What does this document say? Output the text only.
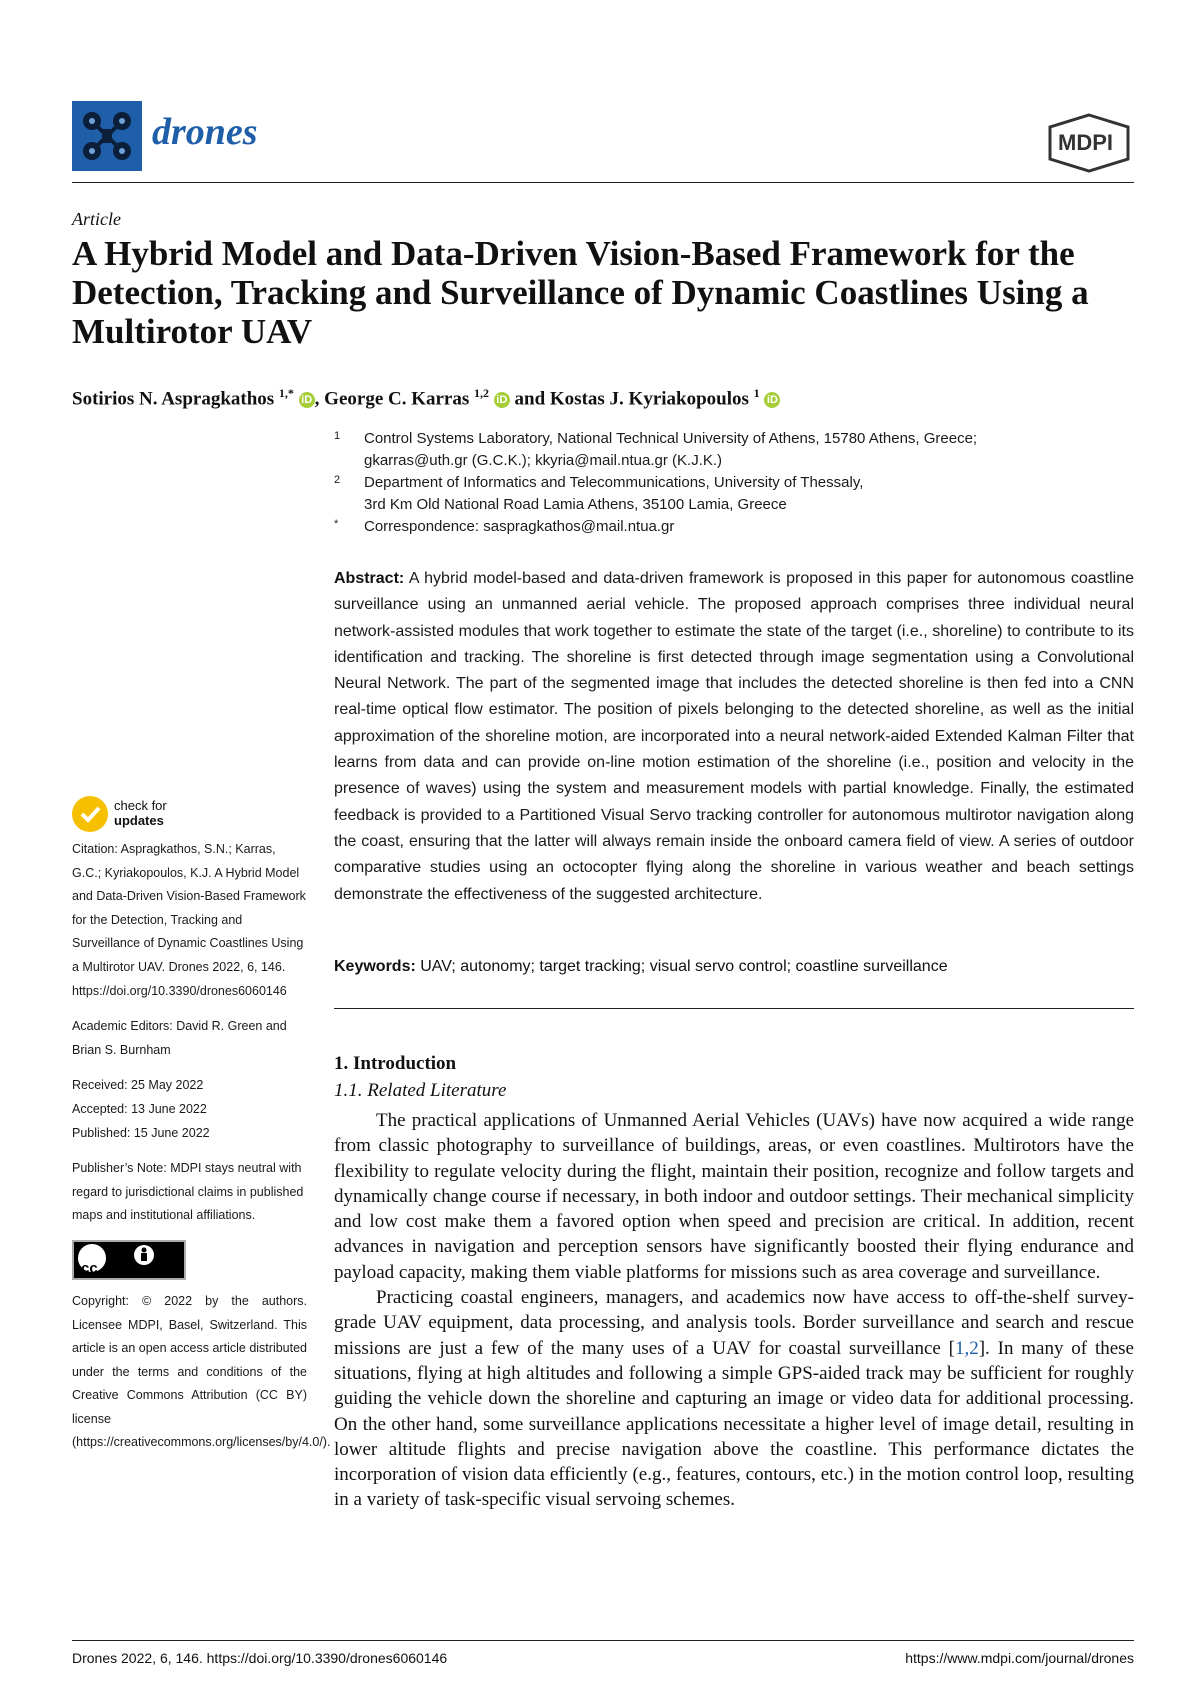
drones	MDPI
Article
A Hybrid Model and Data-Driven Vision-Based Framework for the Detection, Tracking and Surveillance of Dynamic Coastlines Using a Multirotor UAV
Sotirios N. Aspragkathos $^{1,*}$ iD , George C. Karras $^{1,2}$ iD and Kostas J. Kyriakopoulos $^1$ iD
1 Control Systems Laboratory, National Technical University of Athens, 15780 Athens, Greece;
gkarras@uth.gr (G.C.K.); kkyria@mail.ntua.gr (K.J.K.)
2 Department of Informatics and Telecommunications, University of Thessaly,
3rd Km Old National Road Lamia Athens, 35100 Lamia, Greece
* Correspondence: saspragkathos@mail.ntua.gr
Abstract: A hybrid model-based and data-driven framework is proposed in this paper for autonomous coastline surveillance using an unmanned aerial vehicle. The proposed approach comprises three individual neural network-assisted modules that work together to estimate the state of the target (i.e., shoreline) to contribute to its identification and tracking. The shoreline is first detected through image segmentation using a Convolutional Neural Network. The part of the segmented image that includes the detected shoreline is then fed into a CNN real-time optical flow estimator. The position of pixels belonging to the detected shoreline, as well as the initial approximation of the shoreline motion, are incorporated into a neural network-aided Extended Kalman Filter that learns from data and can provide on-line motion estimation of the shoreline (i.e., position and velocity in the presence of waves) using the system and measurement models with partial knowledge. Finally, the estimated feedback is provided to a Partitioned Visual Servo tracking controller for autonomous multirotor navigation along the coast, ensuring that the latter will always remain inside the onboard camera field of view. A series of outdoor comparative studies using an octocopter flying along the shoreline in various weather and beach settings demonstrate the effectiveness of the suggested architecture.
Keywords: UAV; autonomy; target tracking; visual servo control; coastline surveillance
check for
updates
Citation: Aspragkathos, S.N.; Karras, G.C.; Kyriakopoulos, K.J. A Hybrid Model and Data-Driven Vision-Based Framework for the Detection, Tracking and Surveillance of Dynamic Coastlines Using a Multirotor UAV. Drones 2022, 6, 146. https://doi.org/10.3390/drones6060146
Academic Editors: David R. Green and Brian S. Burnham
Received: 25 May 2022
Accepted: 13 June 2022
Published: 15 June 2022
Publisher’s Note: MDPI stays neutral with regard to jurisdictional claims in published maps and institutional affiliations.
cc
BY
Copyright: © 2022 by the authors. Licensee MDPI, Basel, Switzerland. This article is an open access article distributed under the terms and conditions of the Creative Commons Attribution (CC BY) license (https://creativecommons.org/licenses/by/4.0/).
1. Introduction
1.1. Related Literature

The practical applications of Unmanned Aerial Vehicles (UAVs) have now acquired a wide range from classic photography to surveillance of buildings, areas, or even coastlines. Multirotors have the flexibility to regulate velocity during the flight, maintain their position, recognize and follow targets and dynamically change course if necessary, in both indoor and outdoor settings. Their mechanical simplicity and low cost make them a favored option when speed and precision are critical. In addition, recent advances in navigation and perception sensors have significantly boosted their flying endurance and payload capacity, making them viable platforms for missions such as area coverage and surveillance.

Practicing coastal engineers, managers, and academics now have access to off-the-shelf survey-grade UAV equipment, data processing, and analysis tools. Border surveillance and search and rescue missions are just a few of the many uses of a UAV for coastal surveillance [1,2]. In many of these situations, flying at high altitudes and following a simple GPS-aided track may be sufficient for roughly guiding the vehicle down the shoreline and capturing an image or video data for additional processing. On the other hand, some surveillance applications necessitate a higher level of image detail, resulting in lower altitude flights and precise navigation above the coastline. This performance dictates the incorporation of vision data efficiently (e.g., features, contours, etc.) in the motion control loop, resulting in a variety of task-specific visual servoing schemes.

Drones 2022, 6, 146. https://doi.org/10.3390/drones6060146	https://www.mdpi.com/journal/drones
